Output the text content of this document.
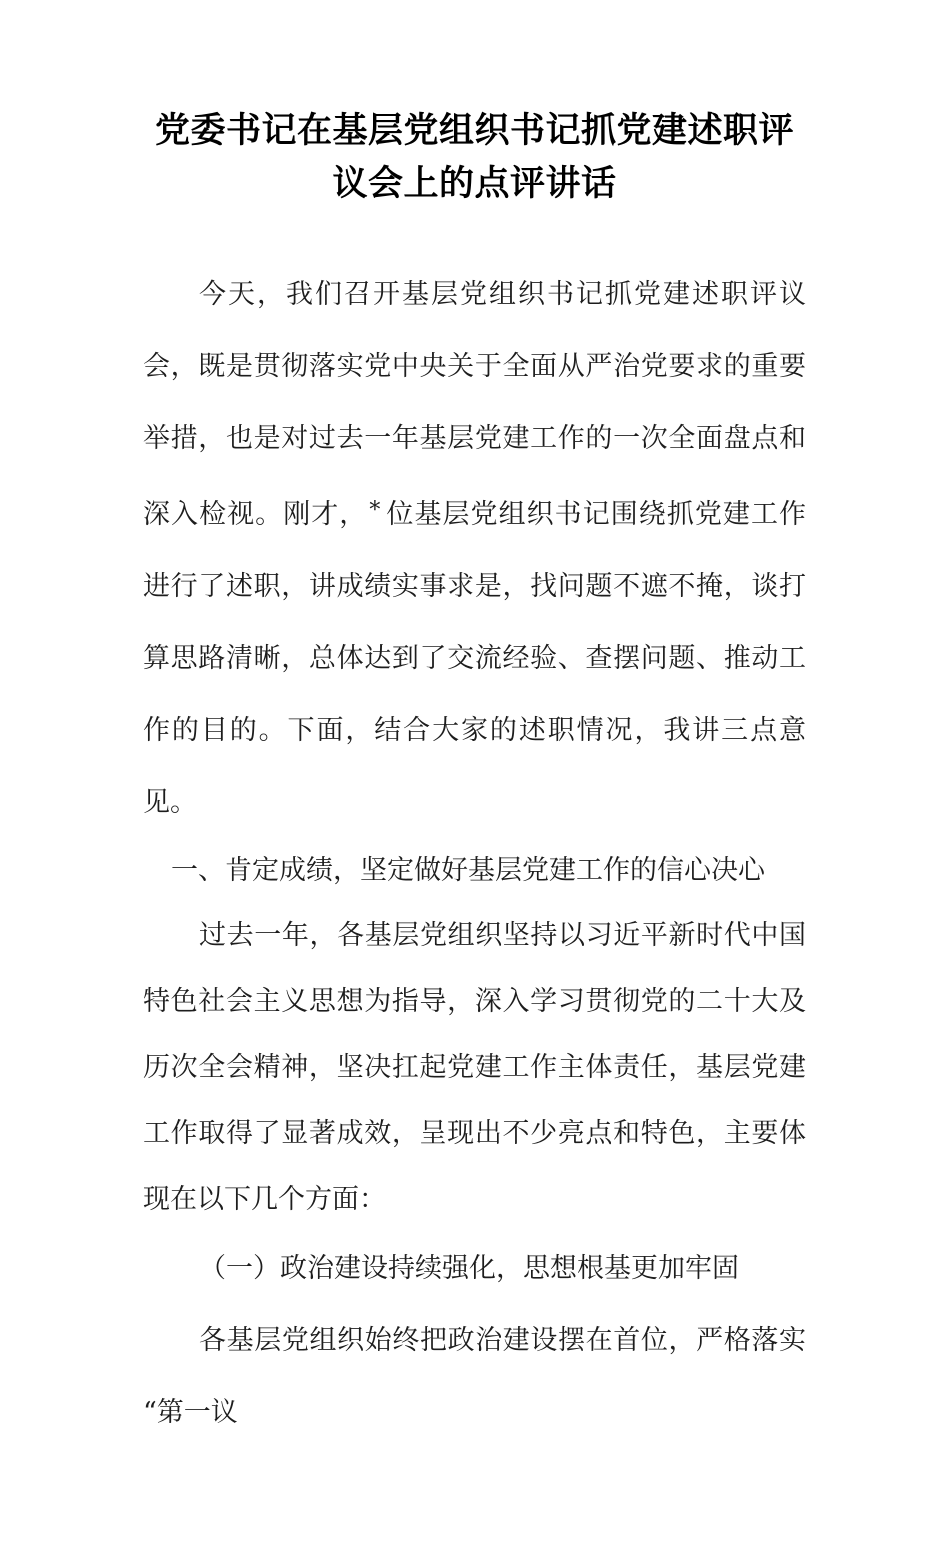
党委书记在基层党组织书记抓党建述职评
议会上的点评讲话

今天，我们召开基层党组织书记抓党建述职评议会，既是贯彻落实党中央关于全面从严治党要求的重要举措，也是对过去一年基层党建工作的一次全面盘点和深入检视。刚才，* 位基层党组织书记围绕抓党建工作进行了述职，讲成绩实事求是，找问题不遮不掩，谈打算思路清晰，总体达到了交流经验、查摆问题、推动工作的目的。下面，结合大家的述职情况，我讲三点意见。

一、肯定成绩，坚定做好基层党建工作的信心决心

过去一年，各基层党组织坚持以习近平新时代中国特色社会主义思想为指导，深入学习贯彻党的二十大及历次全会精神，坚决扛起党建工作主体责任，基层党建工作取得了显著成效，呈现出不少亮点和特色，主要体现在以下几个方面：

（一）政治建设持续强化，思想根基更加牢固

各基层党组织始终把政治建设摆在首位，严格落实 “第一议
